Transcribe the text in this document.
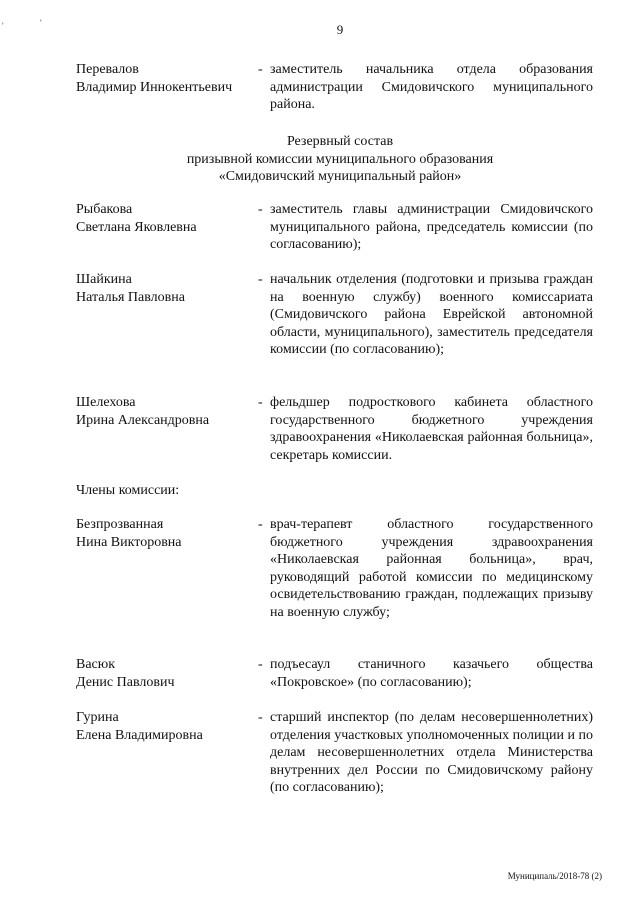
'	'	9
Перевалов
Владимир Иннокентьевич
- заместитель начальника отдела образования администрации Смидовичского муниципального района.
Резервный состав
призывной комиссии муниципального образования
«Смидовичский муниципальный район»
Рыбакова
Светлана Яковлевна
- заместитель главы администрации Смидовичского муниципального района, председатель комиссии (по согласованию);
Шайкина
Наталья Павловна
- начальник отделения (подготовки и призыва граждан на военную службу) военного комиссариата (Смидовичского района Еврейской автономной области, муниципального), заместитель председателя комиссии (по согласованию);
Шелехова
Ирина Александровна
- фельдшер подросткового кабинета областного государственного бюджетного учреждения здравоохранения «Николаевская районная больница», секретарь комиссии.
Члены комиссии:
Безпрозванная
Нина Викторовна
- врач-терапевт областного государственного бюджетного учреждения здравоохранения «Николаевская районная больница», врач, руководящий работой комиссии по медицинскому освидетельствованию граждан, подлежащих призыву на военную службу;
Васюк
Денис Павлович
- подъесаул станичного казачьего общества «Покровское» (по согласованию);
Гурина
Елена Владимировна
- старший инспектор (по делам несовершеннолетних) отделения участковых уполномоченных полиции и по делам несовершеннолетних отдела Министерства внутренних дел России по Смидовичскому району (по согласованию);
Муниципаль/2018-78 (2)
